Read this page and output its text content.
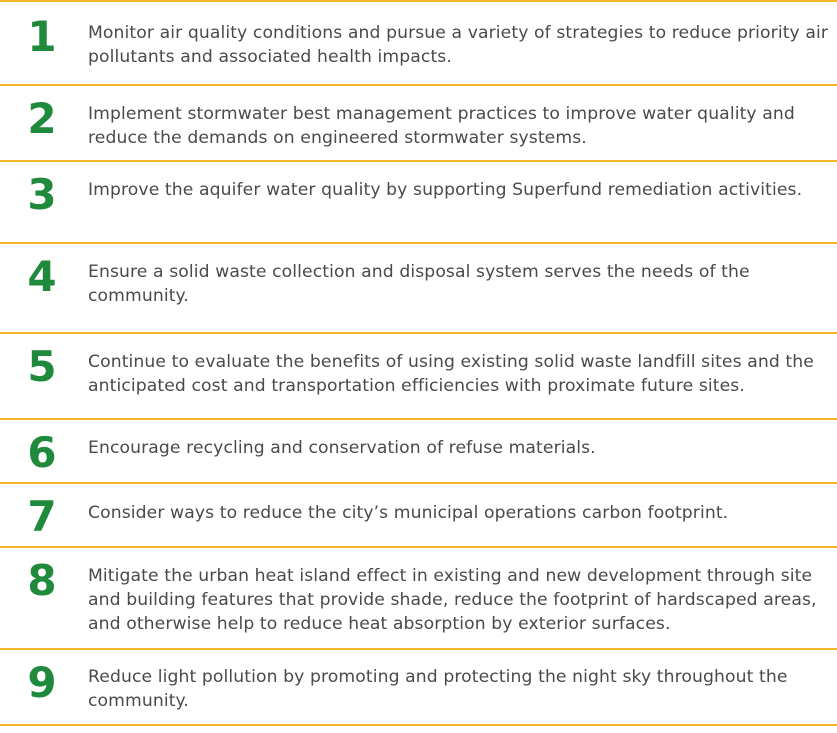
1	Monitor air quality conditions and pursue a variety of strategies to reduce priority air pollutants and associated health impacts.
2	Implement stormwater best management practices to improve water quality and reduce the demands on engineered stormwater systems.
3	Improve the aquifer water quality by supporting Superfund remediation activities.
4	Ensure a solid waste collection and disposal system serves the needs of the community.
5	Continue to evaluate the benefits of using existing solid waste landfill sites and the anticipated cost and transportation efficiencies with proximate future sites.
6	Encourage recycling and conservation of refuse materials.
7	Consider ways to reduce the city’s municipal operations carbon footprint.
8	Mitigate the urban heat island effect in existing and new development through site and building features that provide shade, reduce the footprint of hardscaped areas, and otherwise help to reduce heat absorption by exterior surfaces.
9	Reduce light pollution by promoting and protecting the night sky throughout the community.
